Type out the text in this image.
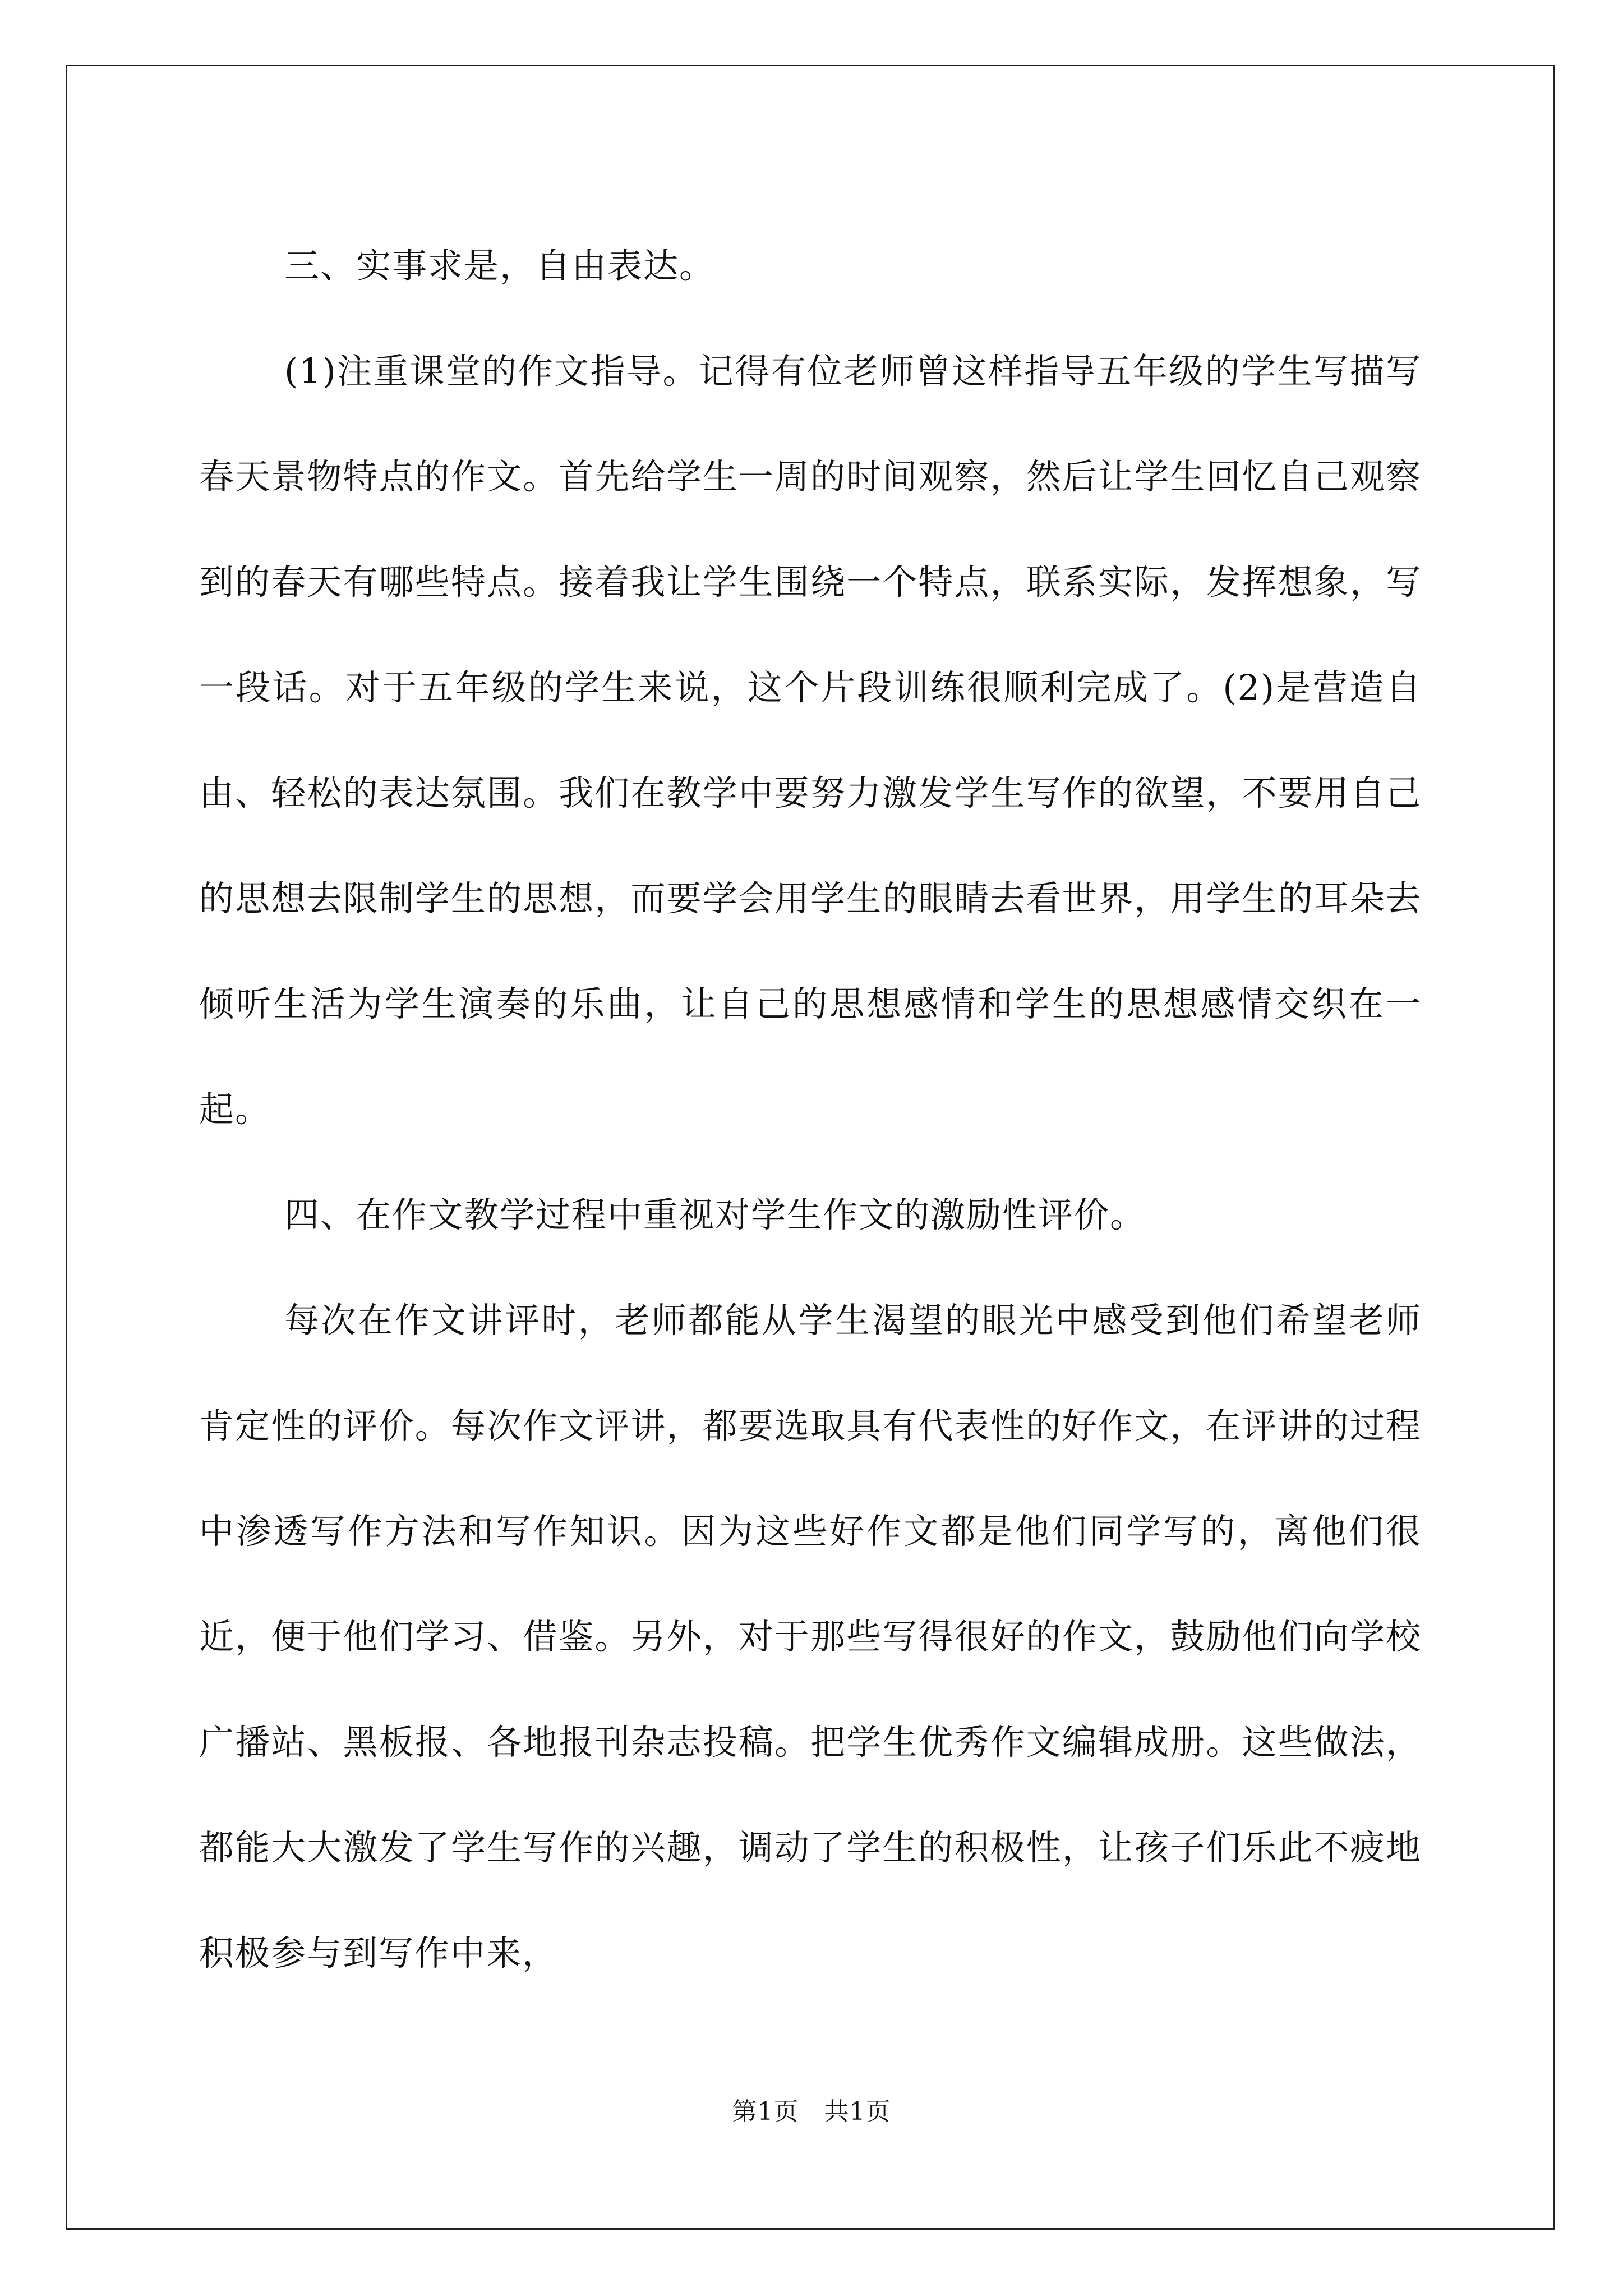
三、实事求是，自由表达。

(1)注重课堂的作文指导。记得有位老师曾这样指导五年级的学生写描写春天景物特点的作文。首先给学生一周的时间观察，然后让学生回忆自己观察到的春天有哪些特点。接着我让学生围绕一个特点，联系实际，发挥想象，写一段话。对于五年级的学生来说，这个片段训练很顺利完成了。(2)是营造自由、轻松的表达氛围。我们在教学中要努力激发学生写作的欲望，不要用自己的思想去限制学生的思想，而要学会用学生的眼睛去看世界，用学生的耳朵去倾听生活为学生演奏的乐曲，让自己的思想感情和学生的思想感情交织在一起。

四、在作文教学过程中重视对学生作文的激励性评价。

每次在作文讲评时，老师都能从学生渴望的眼光中感受到他们希望老师肯定性的评价。每次作文评讲，都要选取具有代表性的好作文，在评讲的过程中渗透写作方法和写作知识。因为这些好作文都是他们同学写的，离他们很近，便于他们学习、借鉴。另外，对于那些写得很好的作文，鼓励他们向学校广播站、黑板报、各地报刊杂志投稿。把学生优秀作文编辑成册。这些做法，都能大大激发了学生写作的兴趣，调动了学生的积极性，让孩子们乐此不疲地积极参与到写作中来，

第1页 共1页
